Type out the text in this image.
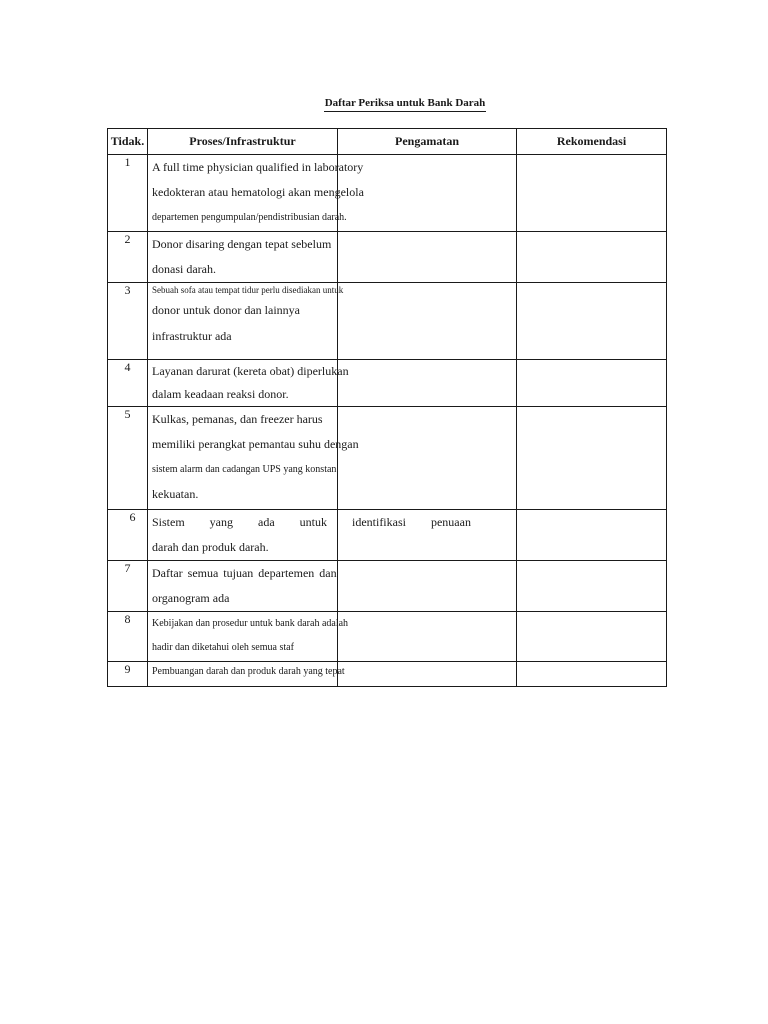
Daftar Periksa untuk Bank Darah
Tidak.	Proses/Infrastruktur	Pengamatan	Rekomendasi
1	A full time physician qualified in laboratory
kedokteran atau hematologi akan mengelola
departemen pengumpulan/pendistribusian darah.		

2	Donor disaring dengan tepat sebelum
donasi darah.		

3	Sebuah sofa atau tempat tidur perlu disediakan untuk
donor untuk donor dan lainnya
infrastruktur ada		

4	Layanan darurat (kereta obat) diperlukan
dalam keadaan reaksi donor.		

5	Kulkas, pemanas, dan freezer harus
memiliki perangkat pemantau suhu dengan
sistem alarm dan cadangan UPS yang konstan
kekuatan.		

6	Sistem yang ada untuk identifikasi penuaan
darah dan produk darah.		

7	Daftar semua tujuan departemen dan
organogram ada		

8	Kebijakan dan prosedur untuk bank darah adalah
hadir dan diketahui oleh semua staf		

9	Pembuangan darah dan produk darah yang tepat		
